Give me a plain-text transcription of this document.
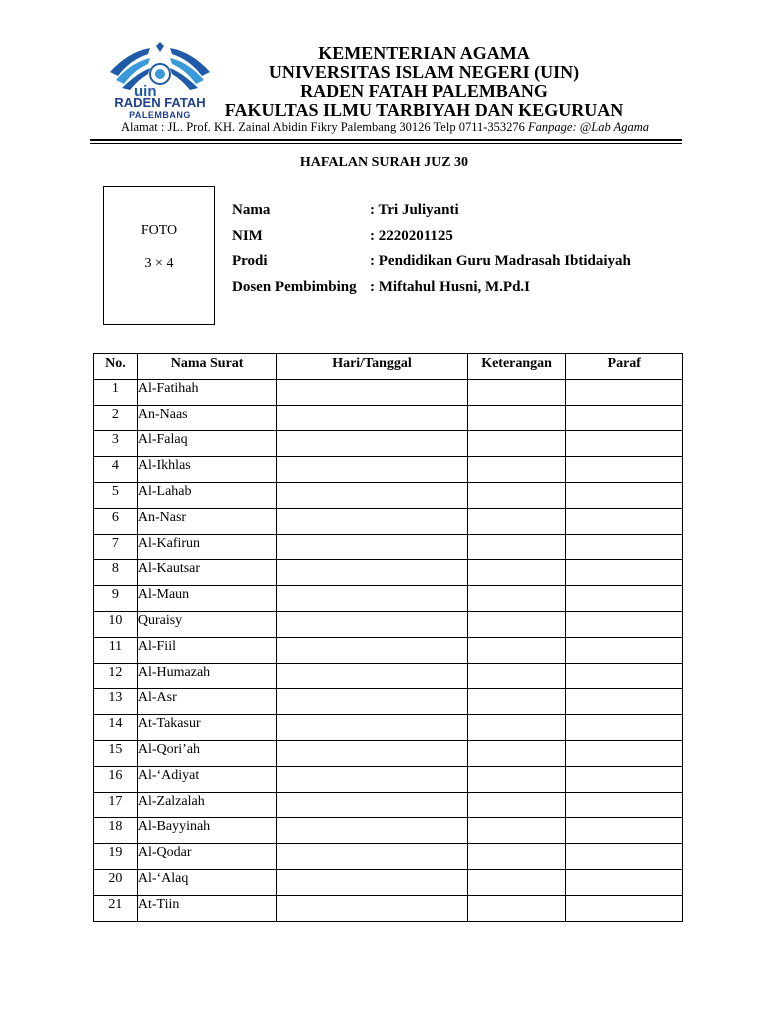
uin
RADEN FATAH
PALEMBANG
KEMENTERIAN AGAMA
UNIVERSITAS ISLAM NEGERI (UIN)
RADEN FATAH PALEMBANG
FAKULTAS ILMU TARBIYAH DAN KEGURUAN
Alamat : JL. Prof. KH. Zainal Abidin Fikry Palembang 30126 Telp 0711-353276 Fanpage: @Lab Agama
HAFALAN SURAH JUZ 30
FOTO
3 × 4
Nama	: Tri Juliyanti
NIM	: 2220201125
Prodi	: Pendidikan Guru Madrasah Ibtidaiyah
Dosen Pembimbing : Miftahul Husni, M.Pd.I
No.	Nama Surat	Hari/Tanggal	Keterangan	Paraf
1	Al-Fatihah			
2	An-Naas			
3	Al-Falaq			
4	Al-Ikhlas			
5	Al-Lahab			
6	An-Nasr			
7	Al-Kafirun			
8	Al-Kautsar			
9	Al-Maun			
10	Quraisy			
11	Al-Fiil			
12	Al-Humazah			
13	Al-Asr			
14	At-Takasur			
15	Al-Qori’ah			
16	Al-‘Adiyat			
17	Al-Zalzalah			
18	Al-Bayyinah			
19	Al-Qodar			
20	Al-‘Alaq			
21	At-Tiin			
